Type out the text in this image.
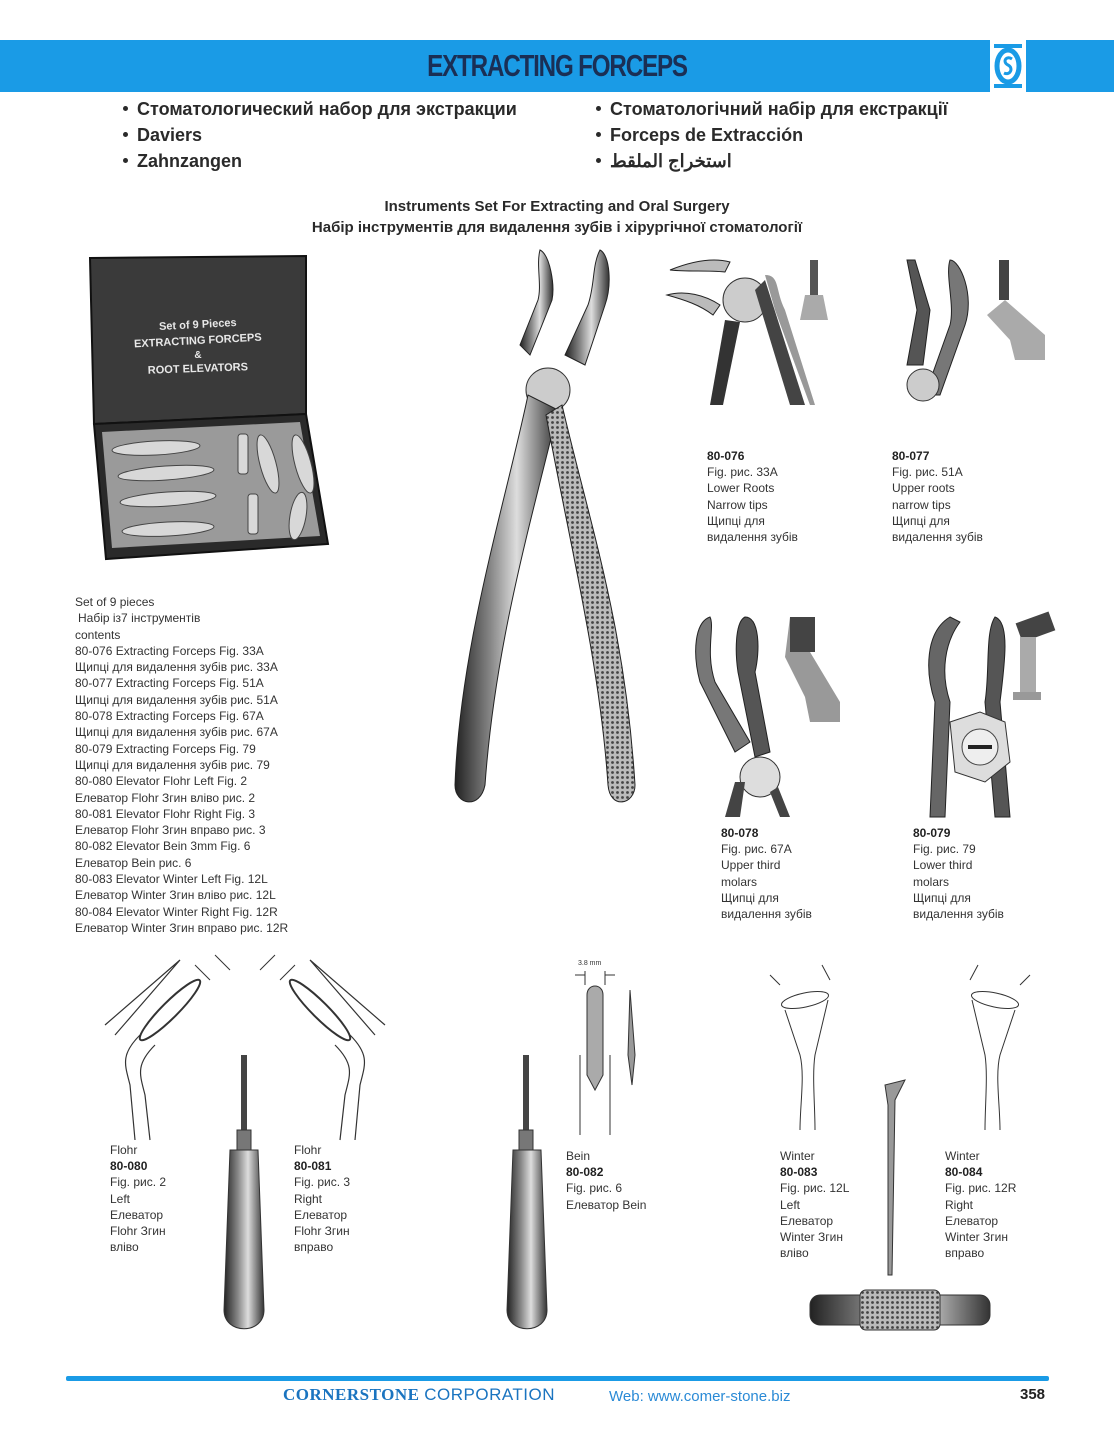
EXTRACTING FORCEPS
Стоматологический набор для экстракции
Daviers
Zahnzangen
Стоматологічний набір для екстракції
Forceps de Extracción
استخراج الملقط
Instruments Set For Extracting and Oral Surgery
Набір інструментів для видалення зубів і хірургічної стоматології
Set of 9 Pieces
EXTRACTING FORCEPS
&
ROOT ELEVATORS
Set of 9 pieces
Набір із7 інструментів
contents
80-076 Extracting Forceps Fig. 33A
Щипці для видалення зубів рис. 33A
80-077 Extracting Forceps Fig. 51A
Щипці для видалення зубів рис. 51A
80-078 Extracting Forceps Fig. 67A
Щипці для видалення зубів рис. 67A
80-079 Extracting Forceps Fig. 79
Щипці для видалення зубів рис. 79
80-080 Elevator Flohr Left Fig. 2
Елеватор Flohr Згин вліво рис. 2
80-081 Elevator Flohr Right Fig. 3
Елеватор Flohr Згин вправо рис. 3
80-082 Elevator Bein 3mm Fig. 6
Елеватор Bein рис. 6
80-083 Elevator Winter Left Fig. 12L
Елеватор Winter Згин вліво рис. 12L
80-084 Elevator Winter Right Fig. 12R
Елеватор Winter Згин вправо рис. 12R
80-076
Fig. рис. 33A
Lower Roots
Narrow tips
Щипці для
видалення зубів
80-077
Fig. рис. 51A
Upper roots
narrow tips
Щипці для
видалення зубів
80-078
Fig. рис. 67A
Upper third
molars
Щипці для
видалення зубів
80-079
Fig. рис. 79
Lower third
molars
Щипці для
видалення зубів
Flohr
80-080
Fig. рис. 2
Left
Елеватор
Flohr Згин
вліво
Flohr
80-081
Fig. рис. 3
Right
Елеватор
Flohr Згин
вправо
3.8 mm
Bein
80-082
Fig. рис. 6
Елеватор Bein
Winter
80-083
Fig. рис. 12L
Left
Елеватор
Winter Згин
вліво
Winter
80-084
Fig. рис. 12R
Right
Елеватор
Winter Згин
вправо
CORNERSTONE CORPORATION	Web: www.comer-stone.biz	358
